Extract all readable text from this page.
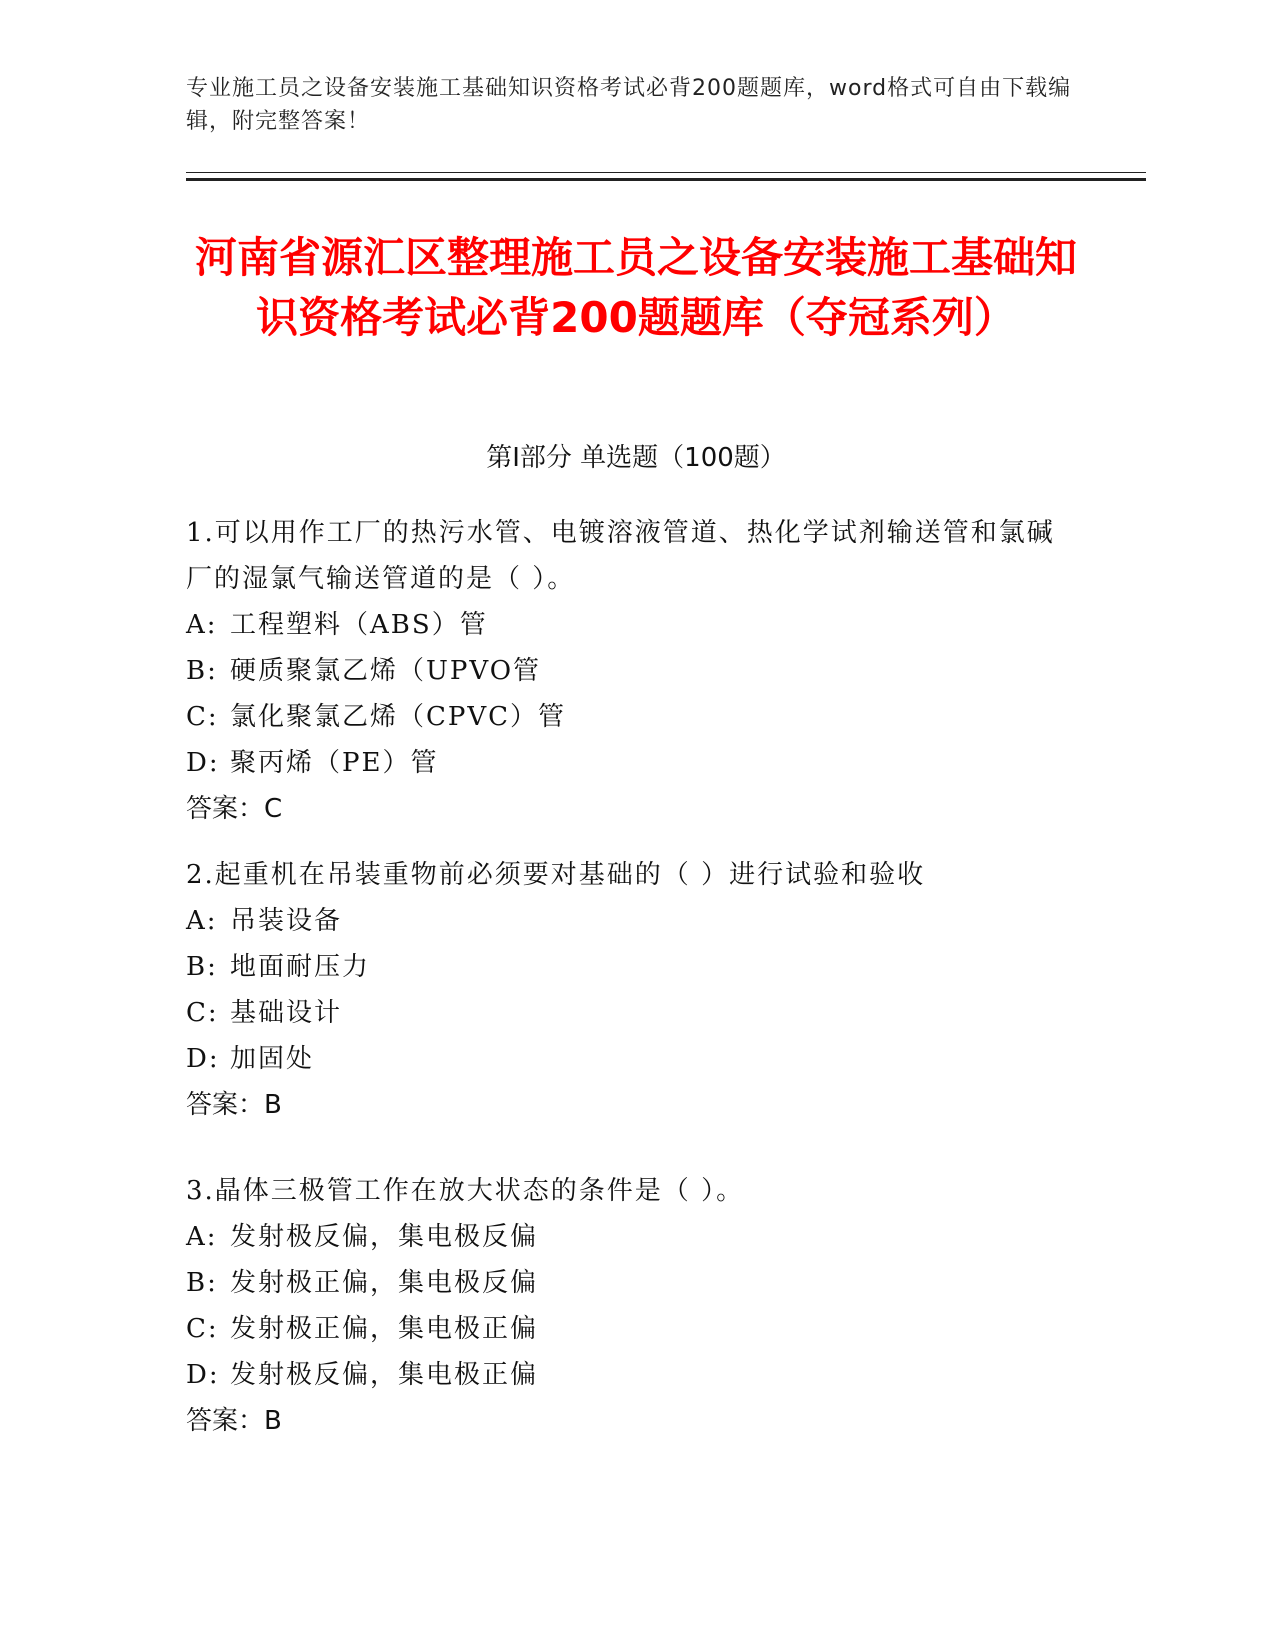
专业施工员之设备安装施工基础知识资格考试必背200题题库，word格式可自由下载编辑，附完整答案！
河南省源汇区整理施工员之设备安装施工基础知识资格考试必背200题题库（夺冠系列）
第Ⅰ部分 单选题（100题）

1.可以用作工厂的热污水管、电镀溶液管道、热化学试剂输送管和氯碱厂的湿氯气输送管道的是（ ）。

A: 工程塑料（ABS）管

B: 硬质聚氯乙烯（UPVO管

C: 氯化聚氯乙烯（CPVC）管

D: 聚丙烯（PE）管

答案：C

2.起重机在吊装重物前必须要对基础的（ ）进行试验和验收

A: 吊装设备

B: 地面耐压力

C: 基础设计

D: 加固处

答案：B

3.晶体三极管工作在放大状态的条件是（ ）。

A: 发射极反偏，集电极反偏

B: 发射极正偏，集电极反偏

C: 发射极正偏，集电极正偏

D: 发射极反偏，集电极正偏

答案：B
